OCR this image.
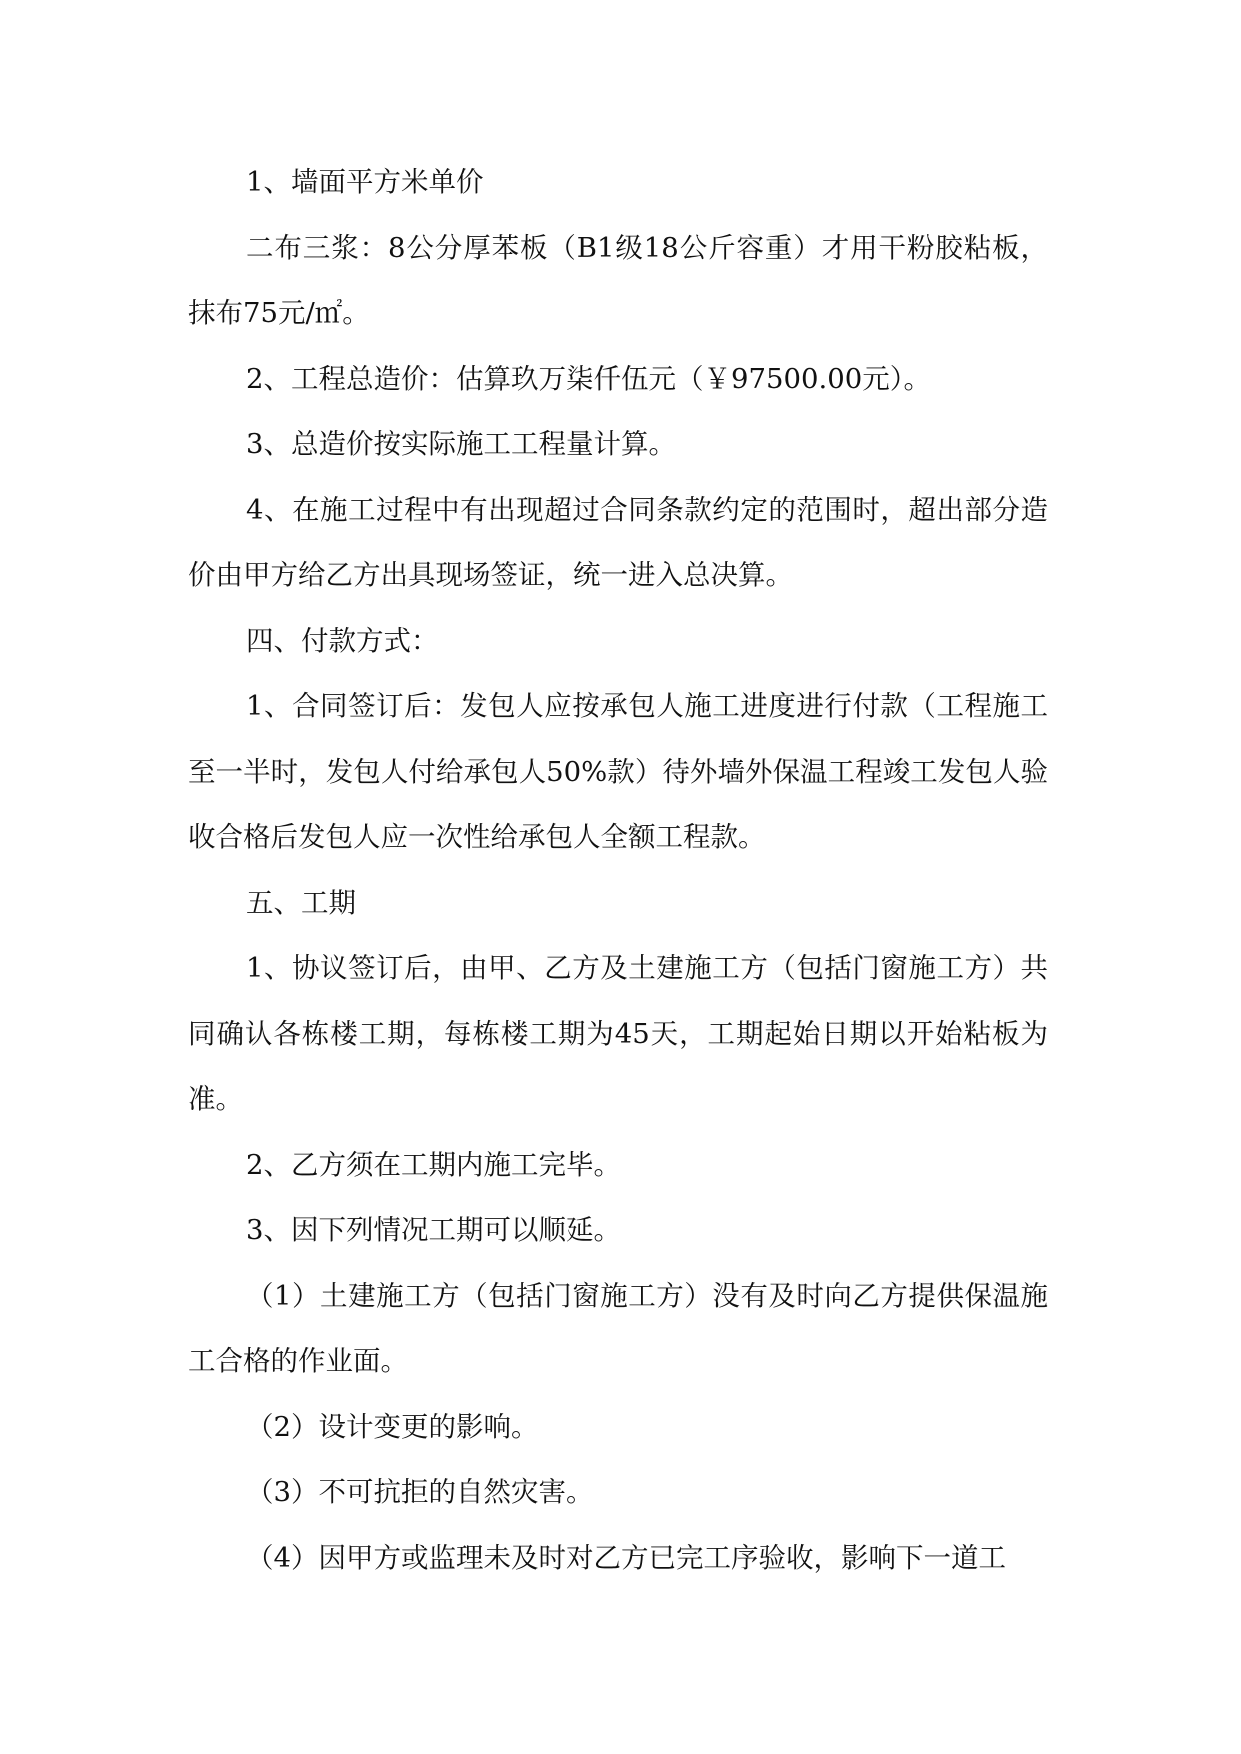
1、墙面平方米单价

二布三浆：8公分厚苯板（B1级18公斤容重）才用干粉胶粘板，抹布75元/㎡。

2、工程总造价：估算玖万柒仟伍元（￥97500.00元）。

3、总造价按实际施工工程量计算。

4、在施工过程中有出现超过合同条款约定的范围时，超出部分造价由甲方给乙方出具现场签证，统一进入总决算。

四、付款方式：

1、合同签订后：发包人应按承包人施工进度进行付款（工程施工至一半时，发包人付给承包人50%款）待外墙外保温工程竣工发包人验收合格后发包人应一次性给承包人全额工程款。

五、工期

1、协议签订后，由甲、乙方及土建施工方（包括门窗施工方）共同确认各栋楼工期，每栋楼工期为45天，工期起始日期以开始粘板为准。

2、乙方须在工期内施工完毕。

3、因下列情况工期可以顺延。

（1）土建施工方（包括门窗施工方）没有及时向乙方提供保温施工合格的作业面。

（2）设计变更的影响。

（3）不可抗拒的自然灾害。

（4）因甲方或监理未及时对乙方已完工序验收，影响下一道工
